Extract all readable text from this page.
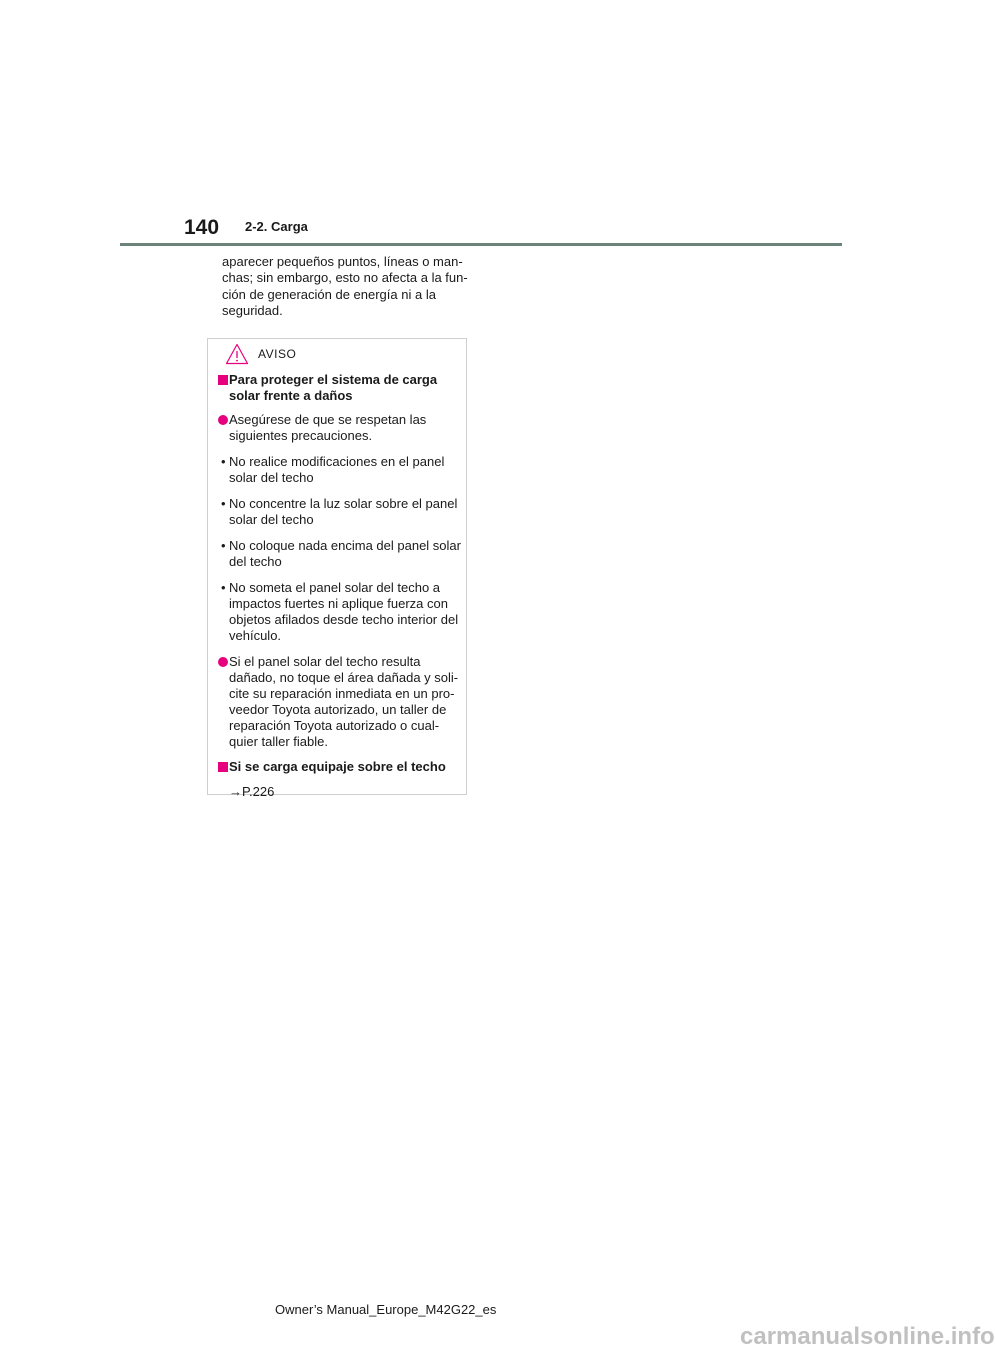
140 2-2. Carga

aparecer pequeños puntos, líneas o man-chas; sin embargo, esto no afecta a la fun-ción de generación de energía ni a la seguridad.

AVISO
Para proteger el sistema de carga solar frente a daños
Asegúrese de que se respetan las siguientes precauciones.
• No realice modificaciones en el panel solar del techo
• No concentre la luz solar sobre el panel solar del techo
• No coloque nada encima del panel solar del techo
• No someta el panel solar del techo a impactos fuertes ni aplique fuerza con objetos afilados desde techo interior del vehículo.
Si el panel solar del techo resulta dañado, no toque el área dañada y soli-cite su reparación inmediata en un pro-veedor Toyota autorizado, un taller de reparación Toyota autorizado o cual-quier taller fiable.
Si se carga equipaje sobre el techo
→P.226
Owner’s Manual_Europe_M42G22_es
carmanualsonline.info
